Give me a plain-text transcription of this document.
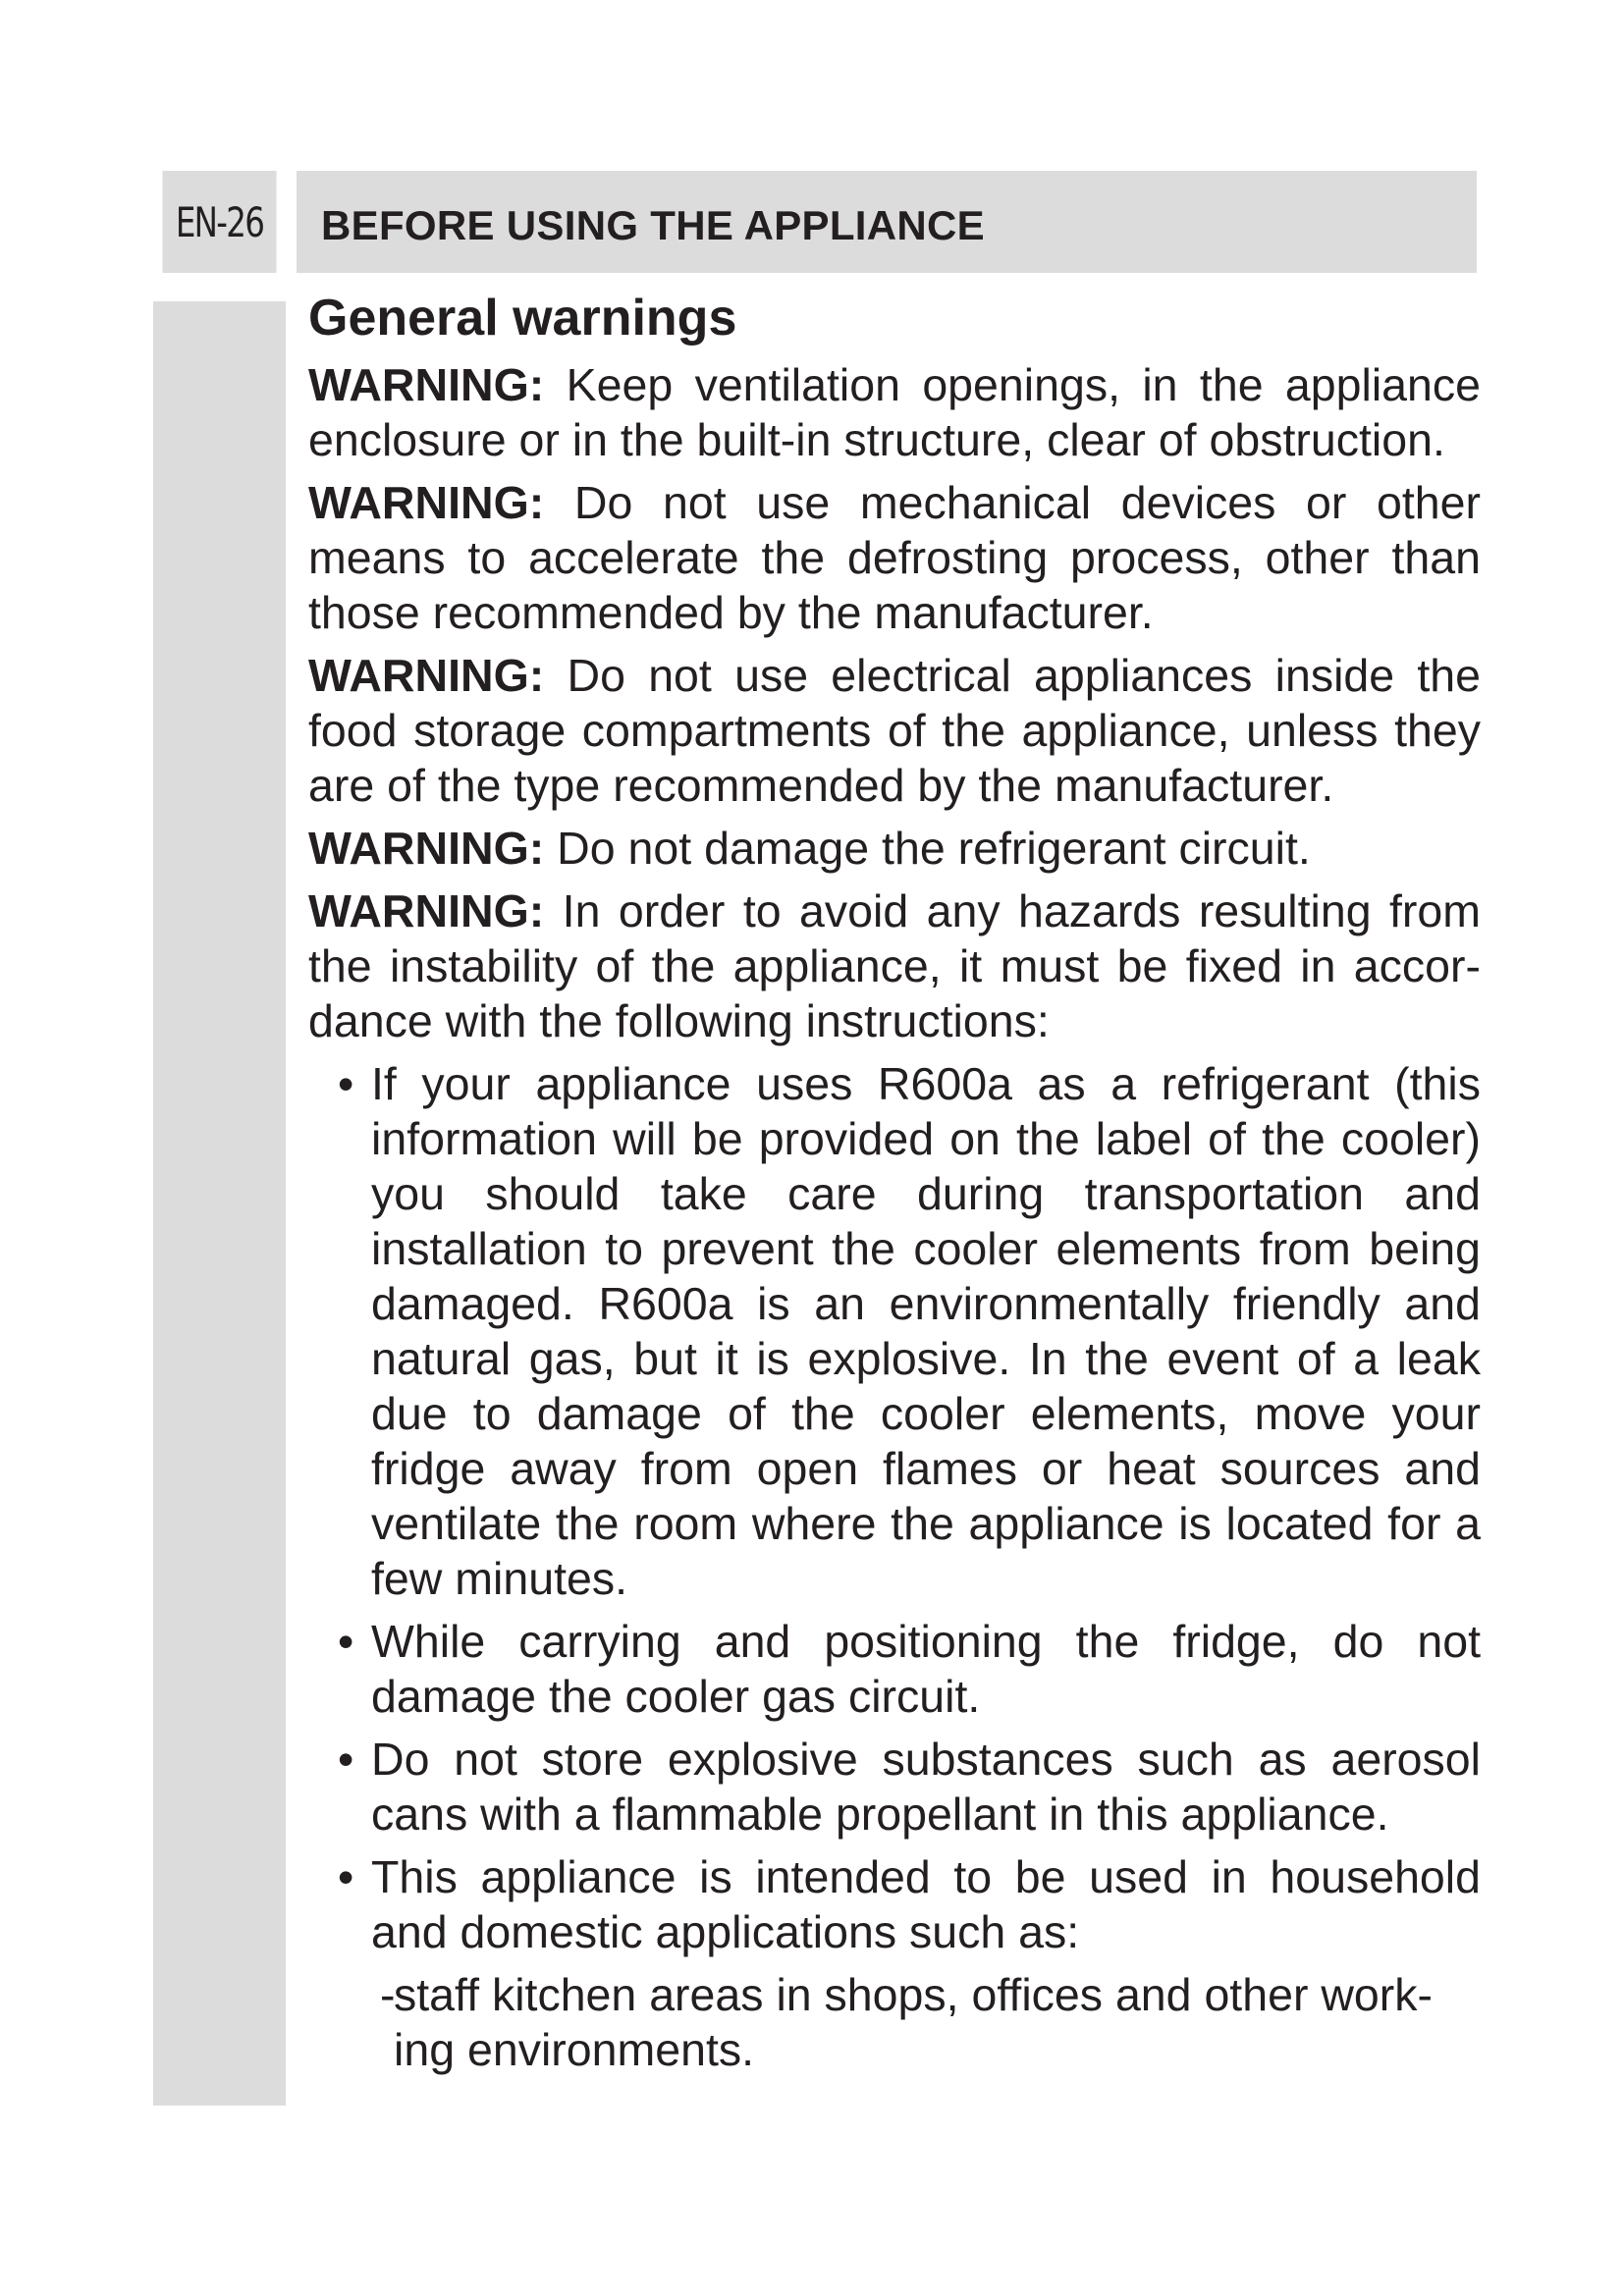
EN-26	BEFORE USING THE APPLIANCE
General warnings

WARNING: Keep ventilation openings, in the appliance enclosure or in the built-in structure, clear of obstruction.

WARNING: Do not use mechanical devices or other means to accelerate the defrosting process, other than those recommended by the manufacturer.

WARNING: Do not use electrical appliances inside the food storage compartments of the appliance, unless they are of the type recommended by the manufacturer.

WARNING: Do not damage the refrigerant circuit.

WARNING: In order to avoid any hazards resulting from the instability of the appliance, it must be fixed in accor-dance with the following instructions:

• If your appliance uses R600a as a refrigerant (this information will be provided on the label of the cooler) you should take care during transportation and installation to prevent the cooler elements from being damaged. R600a is an environmentally friendly and natural gas, but it is explosive. In the event of a leak due to damage of the cooler elements, move your fridge away from open flames or heat sources and ventilate the room where the appliance is located for a few minutes.
• While carrying and positioning the fridge, do not damage the cooler gas circuit.
• Do not store explosive substances such as aerosol cans with a flammable propellant in this appliance.
• This appliance is intended to be used in household and domestic applications such as:
-
staff kitchen areas in shops, offices and other work-ing environments.
